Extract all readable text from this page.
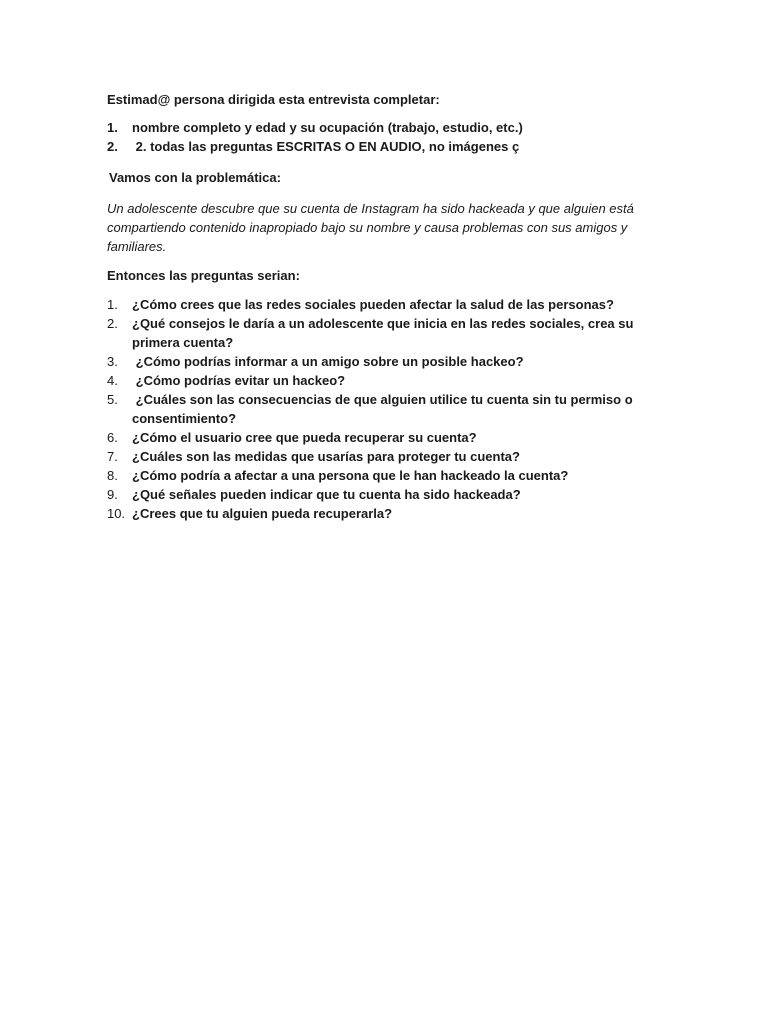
Estimad@ persona dirigida esta entrevista completar:

1.	nombre completo y edad y su ocupación (trabajo, estudio, etc.)
2.	2. todas las preguntas ESCRITAS O EN AUDIO, no imágenes ç

Vamos con la problemática:

Un adolescente descubre que su cuenta de Instagram ha sido hackeada y que alguien está compartiendo contenido inapropiado bajo su nombre y causa problemas con sus amigos y familiares.

Entonces las preguntas serian:

1.	¿Cómo crees que las redes sociales pueden afectar la salud de las personas?
2.	¿Qué consejos le daría a un adolescente que inicia en las redes sociales, crea su primera cuenta?
3.	¿Cómo podrías informar a un amigo sobre un posible hackeo?
4.	¿Cómo podrías evitar un hackeo?
5.	¿Cuáles son las consecuencias de que alguien utilice tu cuenta sin tu permiso o consentimiento?
6.	¿Cómo el usuario cree que pueda recuperar su cuenta?
7.	¿Cuáles son las medidas que usarías para proteger tu cuenta?
8.	¿Cómo podría a afectar a una persona que le han hackeado la cuenta?
9.	¿Qué señales pueden indicar que tu cuenta ha sido hackeada?
10. ¿Crees que tu alguien pueda recuperarla?
